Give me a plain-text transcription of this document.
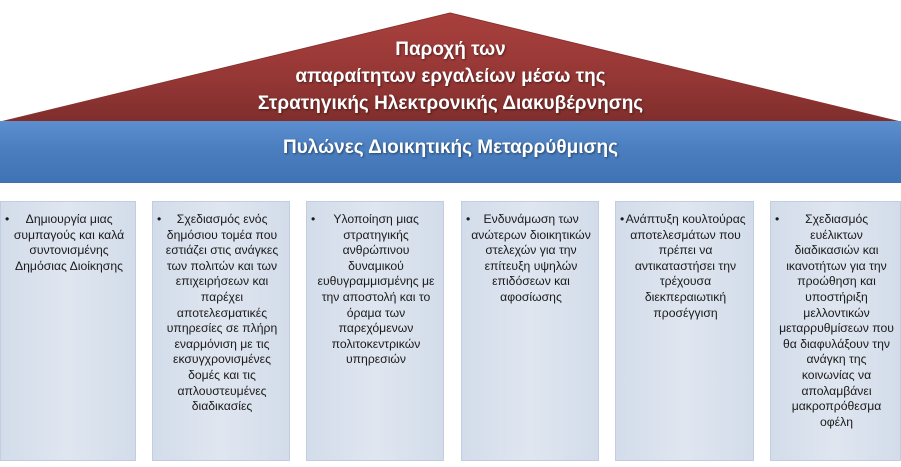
Παροχή των
απαραίτητων εργαλείων μέσω της
Στρατηγικής Ηλεκτρονικής Διακυβέρνησης
Πυλώνες Διοικητικής Μεταρρύθμισης
•	Δημιουργία μιας συμπαγούς και καλά συντονισμένης Δημόσιας Διοίκησης
•	Σχεδιασμός ενός δημόσιου τομέα που εστιάζει στις ανάγκες των πολιτών και των επιχειρήσεων και παρέχει αποτελεσματικές υπηρεσίες σε πλήρη εναρμόνιση με τις εκσυγχρονισμένες δομές και τις απλουστευμένες διαδικασίες
•	Υλοποίηση μιας στρατηγικής ανθρώπινου δυναμικού ευθυγραμμισμένης με την αποστολή και το όραμα των παρεχόμενων πολιτοκεντρικών υπηρεσιών
•	Ενδυνάμωση των ανώτερων διοικητικών στελεχών για την επίτευξη υψηλών επιδόσεων και αφοσίωσης
• Ανάπτυξη κουλτούρας αποτελεσμάτων που πρέπει να αντικαταστήσει την τρέχουσα διεκπεραιωτική προσέγγιση
•	Σχεδιασμός ευέλικτων διαδικασιών και ικανοτήτων για την προώθηση και υποστήριξη μελλοντικών μεταρρυθμίσεων που θα διαφυλάξουν την ανάγκη της κοινωνίας να απολαμβάνει μακροπρόθεσμα οφέλη
